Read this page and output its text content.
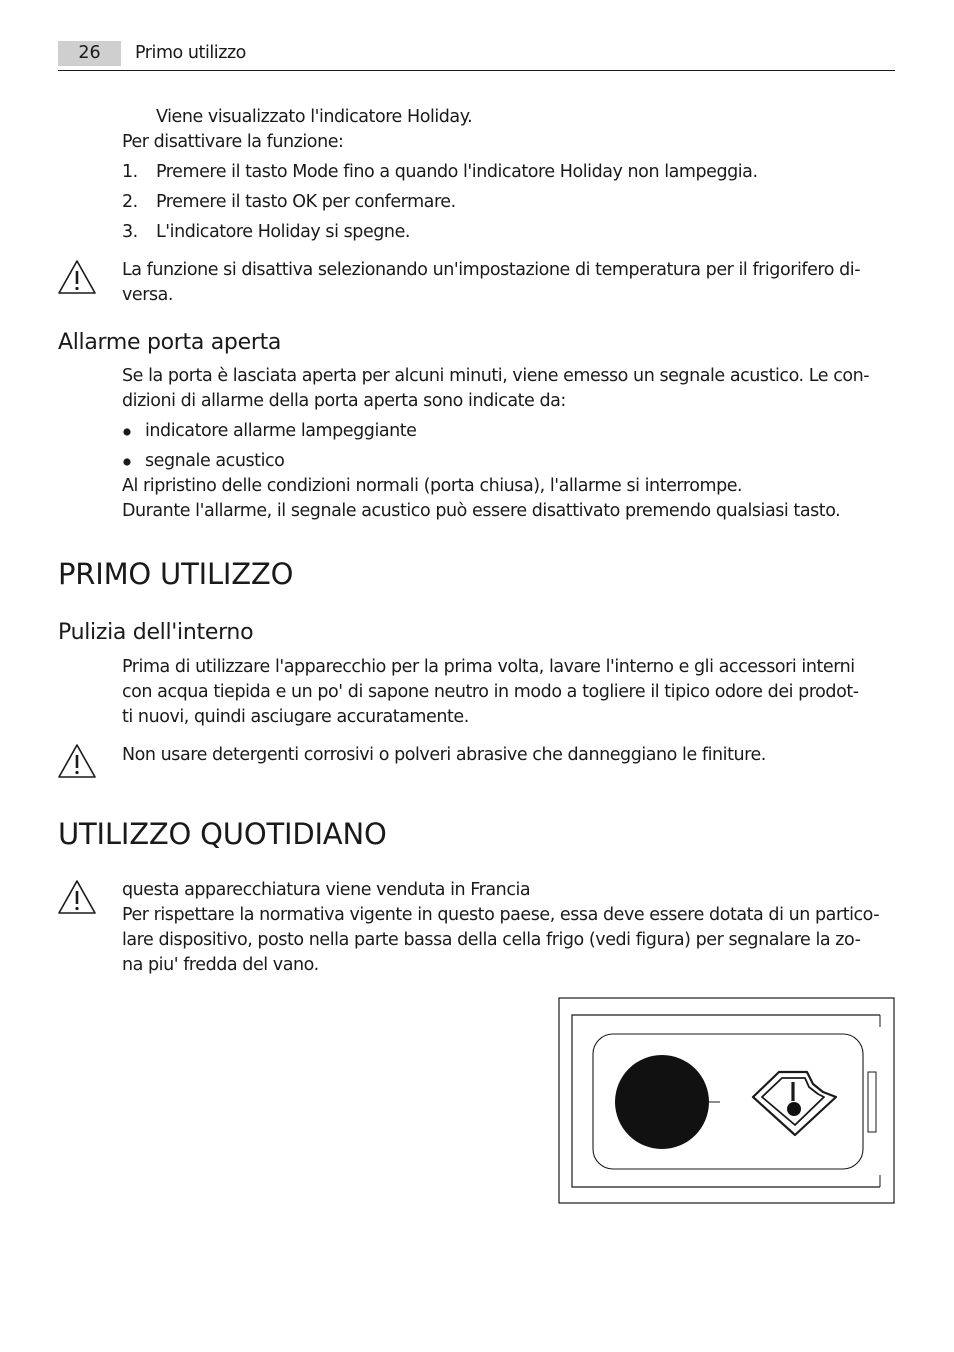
26	Primo utilizzo
Viene visualizzato l'indicatore Holiday.
Per disattivare la funzione:
1. Premere il tasto Mode fino a quando l'indicatore Holiday non lampeggia.
2. Premere il tasto OK per confermare.
3. L'indicatore Holiday si spegne.
La funzione si disattiva selezionando un'impostazione di temperatura per il frigorifero di-
versa.
Allarme porta aperta
Se la porta è lasciata aperta per alcuni minuti, viene emesso un segnale acustico. Le con-
dizioni di allarme della porta aperta sono indicate da:
indicatore allarme lampeggiante
segnale acustico
Al ripristino delle condizioni normali (porta chiusa), l'allarme si interrompe.
Durante l'allarme, il segnale acustico può essere disattivato premendo qualsiasi tasto.
PRIMO UTILIZZO
Pulizia dell'interno
Prima di utilizzare l'apparecchio per la prima volta, lavare l'interno e gli accessori interni
con acqua tiepida e un po' di sapone neutro in modo a togliere il tipico odore dei prodot-
ti nuovi, quindi asciugare accuratamente.
Non usare detergenti corrosivi o polveri abrasive che danneggiano le finiture.
UTILIZZO QUOTIDIANO
questa apparecchiatura viene venduta in Francia
Per rispettare la normativa vigente in questo paese, essa deve essere dotata di un partico-
lare dispositivo, posto nella parte bassa della cella frigo (vedi figura) per segnalare la zo-
na piu' fredda del vano.
